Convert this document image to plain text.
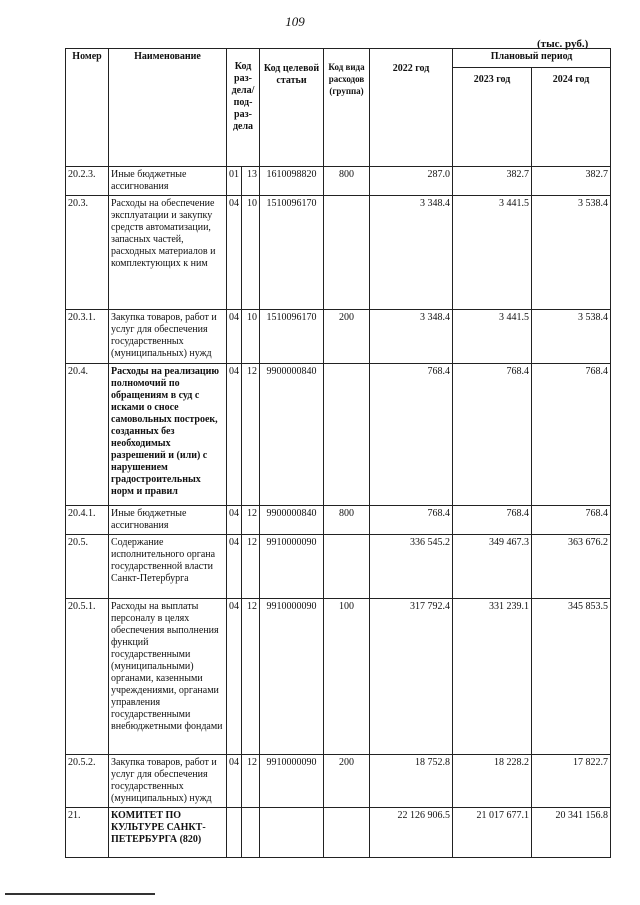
109
(тыс. руб.)
Номер	Наименование	Код раз-дела/ под-раз-дела		Код целевой статьи	Код вида расходов (группа)	2022 год	Плановый период	
							2023 год	2024 год
20.2.3.	Иные бюджетные ассигнования	01	13	1610098820	800	287.0	382.7	382.7
20.3.	Расходы на обеспечение эксплуатации и закупку средств автоматизации, запасных частей, расходных материалов и комплектующих к ним	04	10	1510096170		3 348.4	3 441.5	3 538.4
20.3.1.	Закупка товаров, работ и услуг для обеспечения государственных (муниципальных) нужд	04	10	1510096170	200	3 348.4	3 441.5	3 538.4
20.4.	Расходы на реализацию полномочий по обращениям в суд с исками о сносе самовольных построек, созданных без необходимых разрешений и (или) с нарушением градостроительных норм и правил	04	12	9900000840		768.4	768.4	768.4
20.4.1.	Иные бюджетные ассигнования	04	12	9900000840	800	768.4	768.4	768.4
20.5.	Содержание исполнительного органа государственной власти Санкт-Петербурга	04	12	9910000090		336 545.2	349 467.3	363 676.2
20.5.1.	Расходы на выплаты персоналу в целях обеспечения выполнения функций государственными (муниципальными) органами, казенными учреждениями, органами управления государственными внебюджетными фондами	04	12	9910000090	100	317 792.4	331 239.1	345 853.5
20.5.2.	Закупка товаров, работ и услуг для обеспечения государственных (муниципальных) нужд	04	12	9910000090	200	18 752.8	18 228.2	17 822.7
21.	КОМИТЕТ ПО КУЛЬТУРЕ САНКТ-ПЕТЕРБУРГА (820)					22 126 906.5	21 017 677.1	20 341 156.8
